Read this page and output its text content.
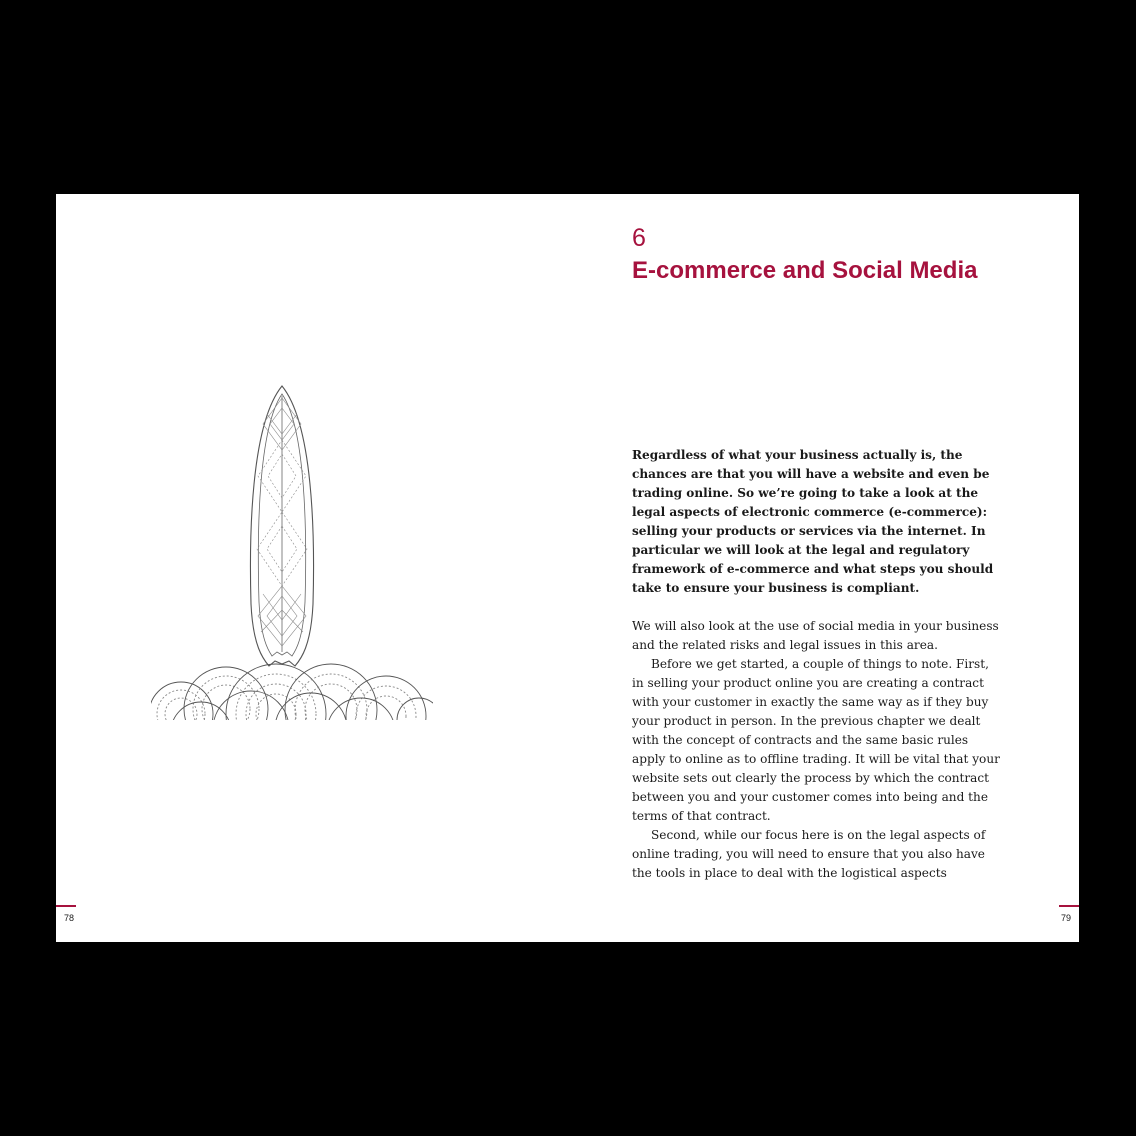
78
6
E-commerce and Social Media

Regardless of what your business actually is, the chances are that you will have a website and even be trading online. So we’re going to take a look at the legal aspects of electronic commerce (e-commerce): selling your products or services via the internet. In particular we will look at the legal and regulatory framework of e-commerce and what steps you should take to ensure your business is compliant.

We will also look at the use of social media in your business and the related risks and legal issues in this area.

Before we get started, a couple of things to note. First, in selling your product online you are creating a contract with your customer in exactly the same way as if they buy your product in person. In the previous chapter we dealt with the concept of contracts and the same basic rules apply to online as to offline trading. It will be vital that your website sets out clearly the process by which the contract between you and your customer comes into being and the terms of that contract.

Second, while our focus here is on the legal aspects of online trading, you will need to ensure that you also have the tools in place to deal with the logistical aspects

79
